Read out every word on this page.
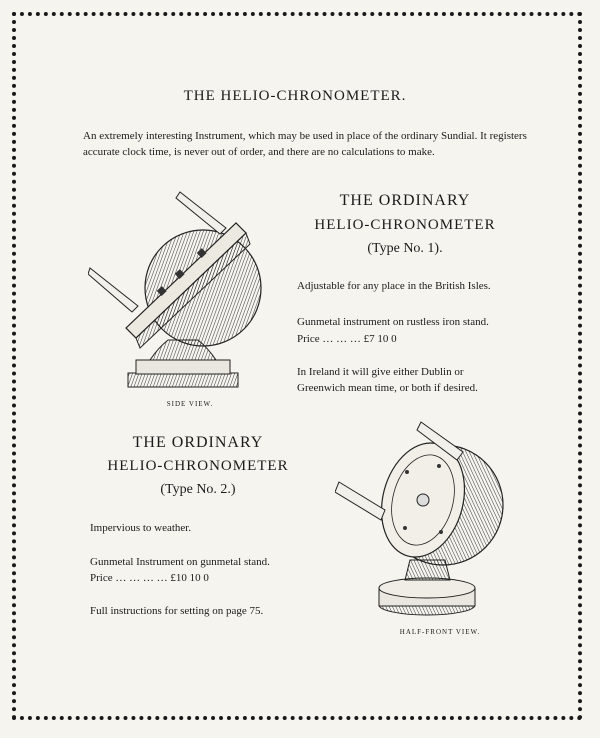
THE HELIO-CHRONOMETER.
An extremely interesting Instrument, which may be used in place of the ordinary Sundial. It registers accurate clock time, is never out of order, and there are no calculations to make.
THE ORDINARY
HELIO-CHRONOMETER
(Type No. 1).
Adjustable for any place in the British Isles.
Gunmetal instrument on rustless iron stand.
Price … … … £7 10 0
In Ireland it will give either Dublin or
Greenwich mean time, or both if desired.
SIDE VIEW.
THE ORDINARY
HELIO-CHRONOMETER
(Type No. 2.)
Impervious to weather.
Gunmetal Instrument on gunmetal stand.
Price … … … … £10 10 0
Full instructions for setting on page 75.
HALF-FRONT VIEW.
